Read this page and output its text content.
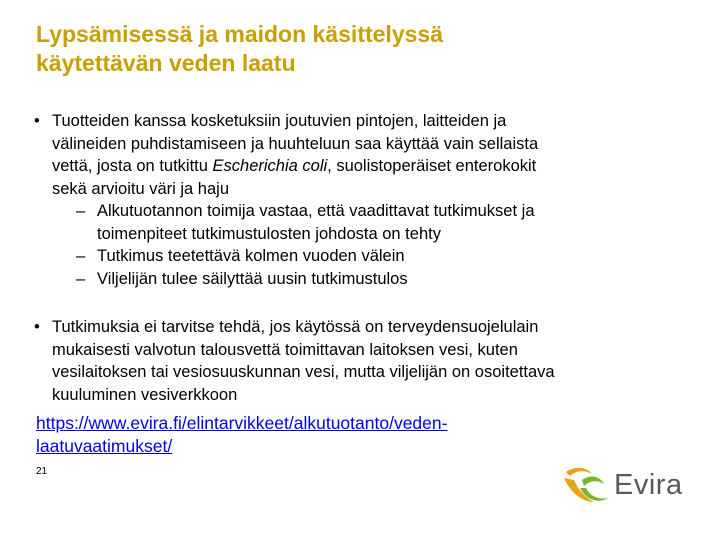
Lypsämisessä ja maidon käsittelyssä
käytettävän veden laatu
• Tuotteiden kanssa kosketuksiin joutuvien pintojen, laitteiden ja
välineiden puhdistamiseen ja huuhteluun saa käyttää vain sellaista
vettä, josta on tutkittu Escherichia coli, suolistoperäiset enterokokit
sekä arvioitu väri ja haju
– Alkutuotannon toimija vastaa, että vaadittavat tutkimukset ja
toimenpiteet tutkimustulosten johdosta on tehty
– Tutkimus teetettävä kolmen vuoden välein
– Viljelijän tulee säilyttää uusin tutkimustulos
• Tutkimuksia ei tarvitse tehdä, jos käytössä on terveydensuojelulain
mukaisesti valvotun talousvettä toimittavan laitoksen vesi, kuten
vesilaitoksen tai vesiosuuskunnan vesi, mutta viljelijän on osoitettava
kuuluminen vesiverkkoon
https://www.evira.fi/elintarvikkeet/alkutuotanto/veden-
laatuvaatimukset/
21	Evira
